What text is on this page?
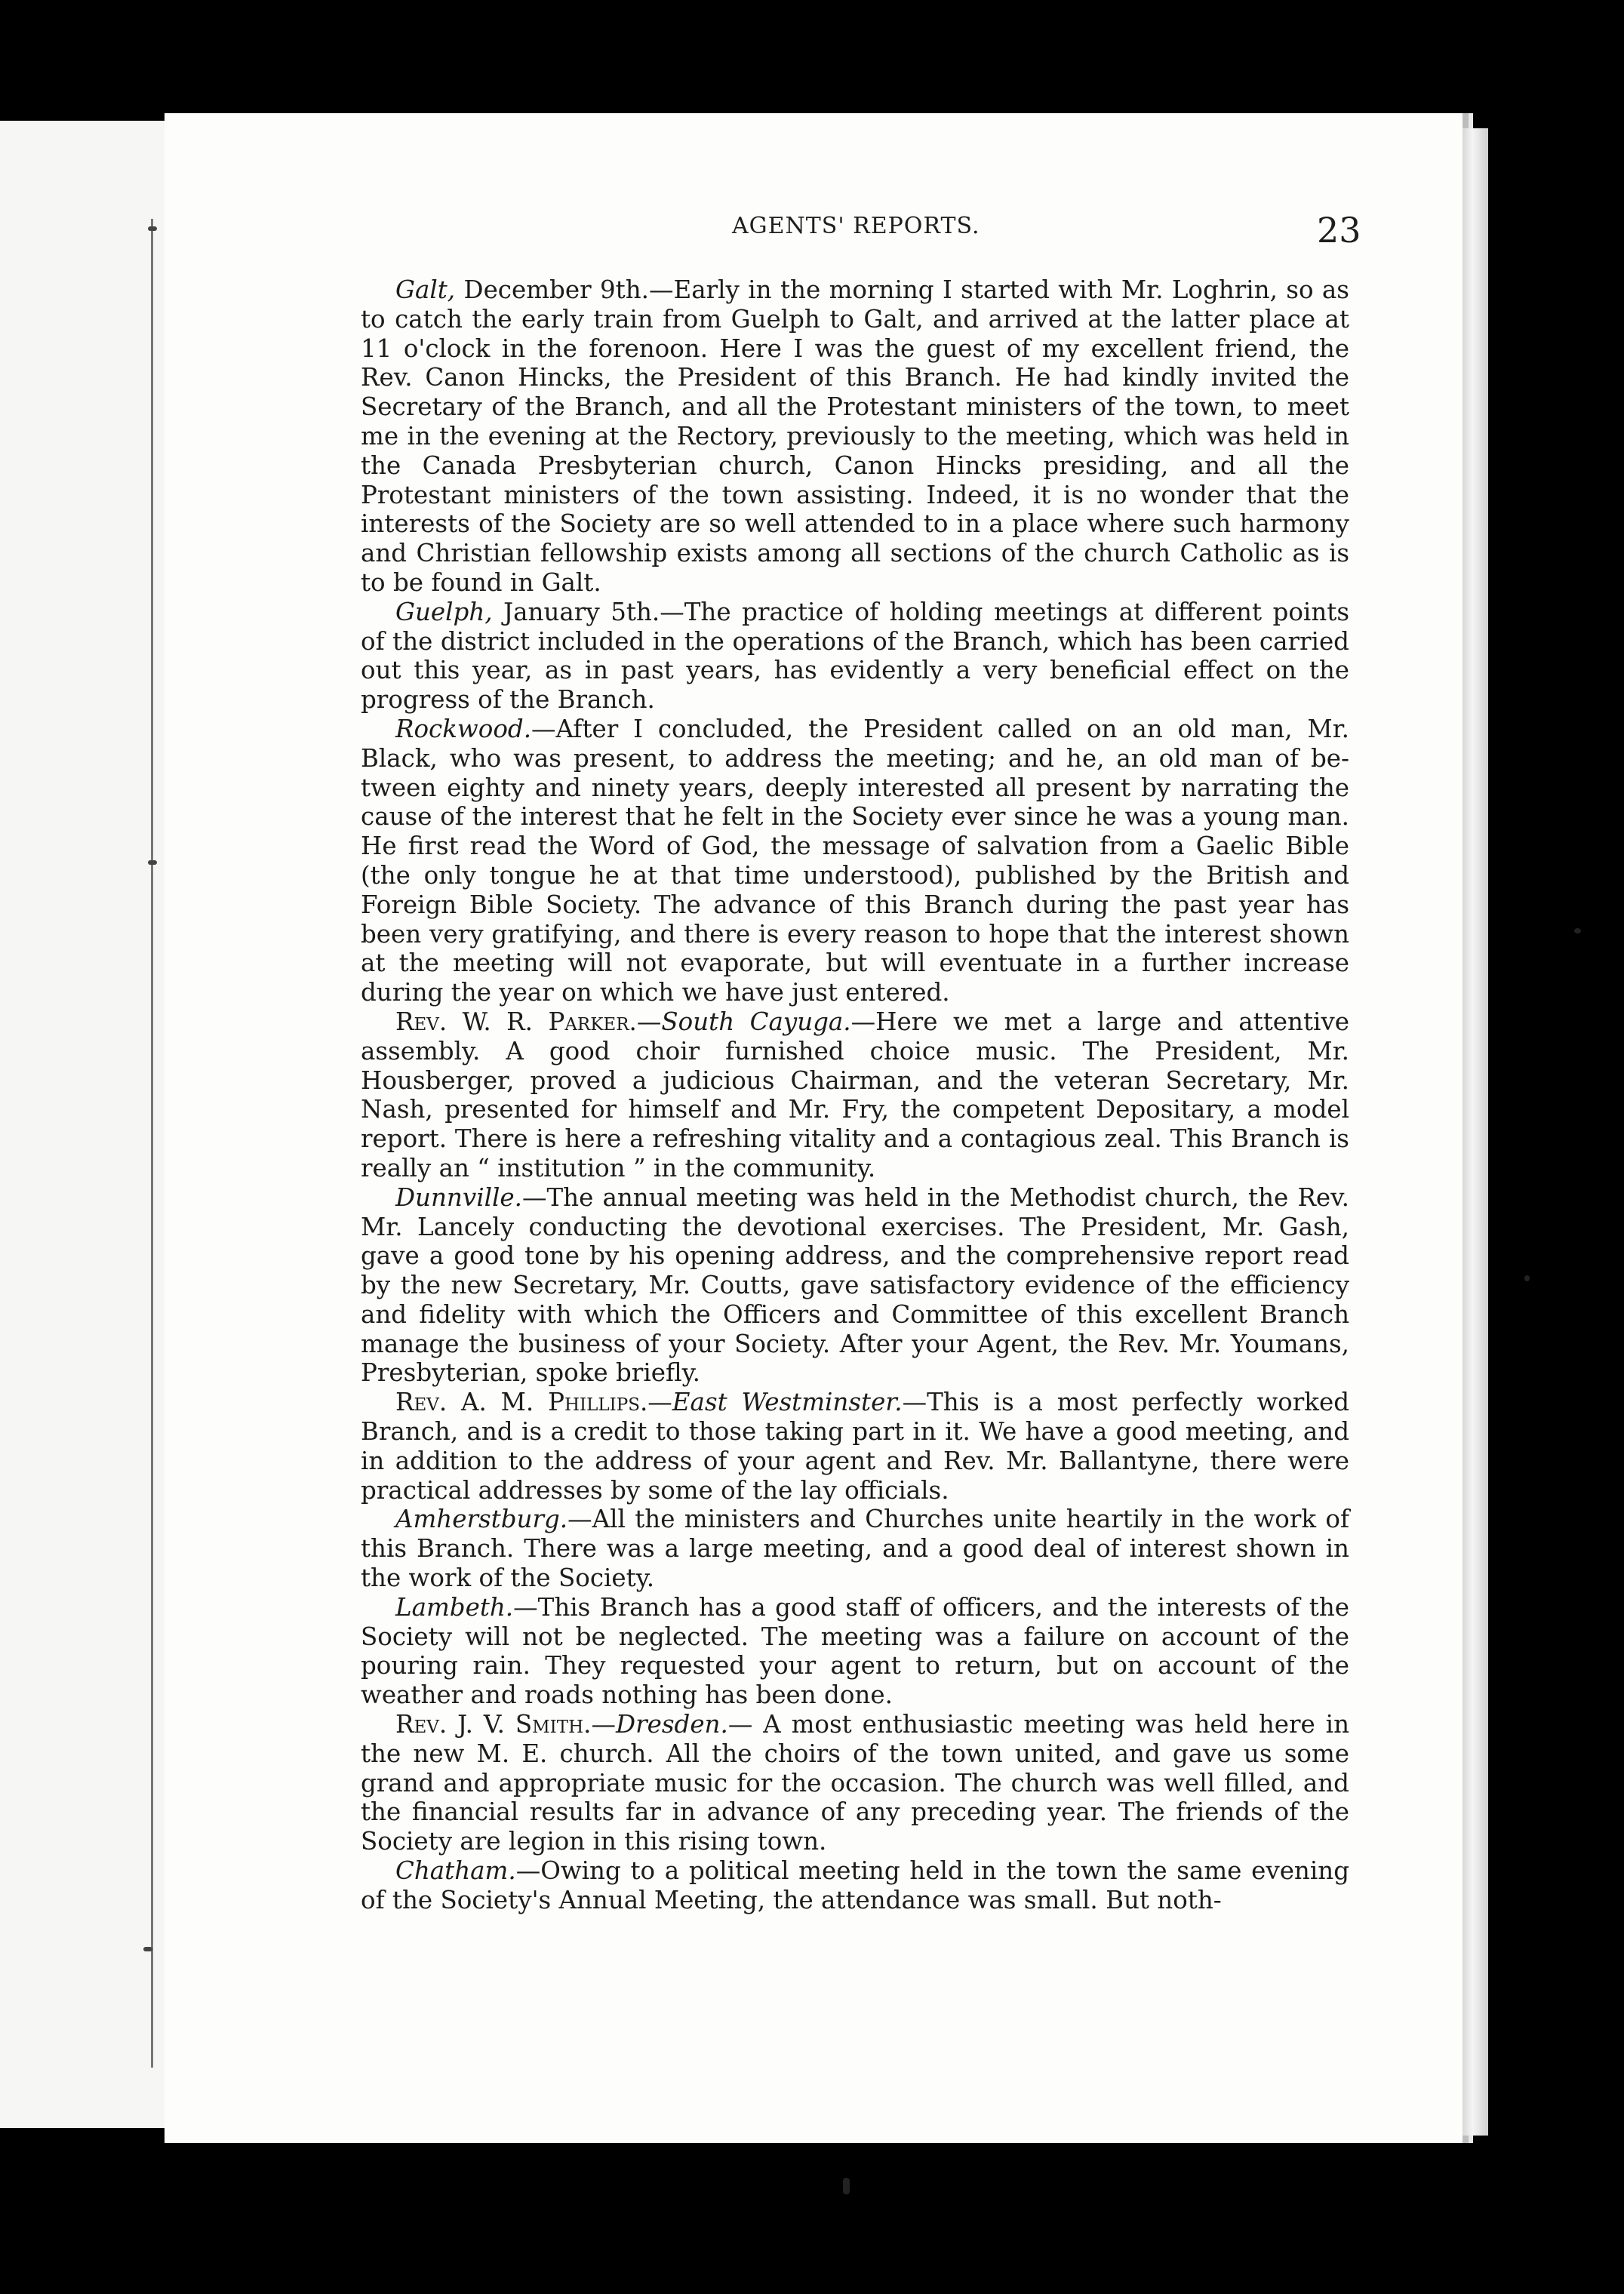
AGENTS' REPORTS.	23

Galt, December 9th.—Early in the morning I started with Mr. Loghrin, so as to catch the early train from Guelph to Galt, and arrived at the latter place at 11 o'clock in the forenoon. Here I was the guest of my excellent friend, the Rev. Canon Hincks, the President of this Branch. He had kindly invited the Secretary of the Branch, and all the Protestant ministers of the town, to meet me in the evening at the Rectory, previously to the meeting, which was held in the Canada Presbyterian church, Canon Hincks presiding, and all the Protestant ministers of the town assisting. Indeed, it is no wonder that the interests of the Society are so well attended to in a place where such harmony and Christian fellowship exists among all sections of the church Catholic as is to be found in Galt.

Guelph, January 5th.—The practice of holding meetings at different points of the district included in the operations of the Branch, which has been carried out this year, as in past years, has evidently a very beneficial effect on the progress of the Branch.

Rockwood.—After I concluded, the President called on an old man, Mr. Black, who was present, to address the meeting; and he, an old man of between eighty and ninety years, deeply interested all present by narrating the cause of the interest that he felt in the Society ever since he was a young man. He first read the Word of God, the message of salvation from a Gaelic Bible (the only tongue he at that time understood), published by the British and Foreign Bible Society. The advance of this Branch during the past year has been very gratifying, and there is every reason to hope that the interest shown at the meeting will not evaporate, but will eventuate in a further increase during the year on which we have just entered.

Rev. W. R. Parker.—South Cayuga.—Here we met a large and attentive assembly. A good choir furnished choice music. The President, Mr. Housberger, proved a judicious Chairman, and the veteran Secretary, Mr. Nash, presented for himself and Mr. Fry, the competent Depositary, a model report. There is here a refreshing vitality and a contagious zeal. This Branch is really an “ institution ” in the community.

Dunnville.—The annual meeting was held in the Methodist church, the Rev. Mr. Lancely conducting the devotional exercises. The President, Mr. Gash, gave a good tone by his opening address, and the comprehensive report read by the new Secretary, Mr. Coutts, gave satisfactory evidence of the efficiency and fidelity with which the Officers and Committee of this excellent Branch manage the business of your Society. After your Agent, the Rev. Mr. Youmans, Presbyterian, spoke briefly.

Rev. A. M. Phillips.—East Westminster.—This is a most perfectly worked Branch, and is a credit to those taking part in it. We have a good meeting, and in addition to the address of your agent and Rev. Mr. Ballantyne, there were practical addresses by some of the lay officials.

Amherstburg.—All the ministers and Churches unite heartily in the work of this Branch. There was a large meeting, and a good deal of interest shown in the work of the Society.

Lambeth.—This Branch has a good staff of officers, and the interests of the Society will not be neglected. The meeting was a failure on account of the pouring rain. They requested your agent to return, but on account of the weather and roads nothing has been done.

Rev. J. V. Smith.—Dresden.— A most enthusiastic meeting was held here in the new M. E. church. All the choirs of the town united, and gave us some grand and appropriate music for the occasion. The church was well filled, and the financial results far in advance of any preceding year. The friends of the Society are legion in this rising town.

Chatham.—Owing to a political meeting held in the town the same evening of the Society's Annual Meeting, the attendance was small. But noth-
